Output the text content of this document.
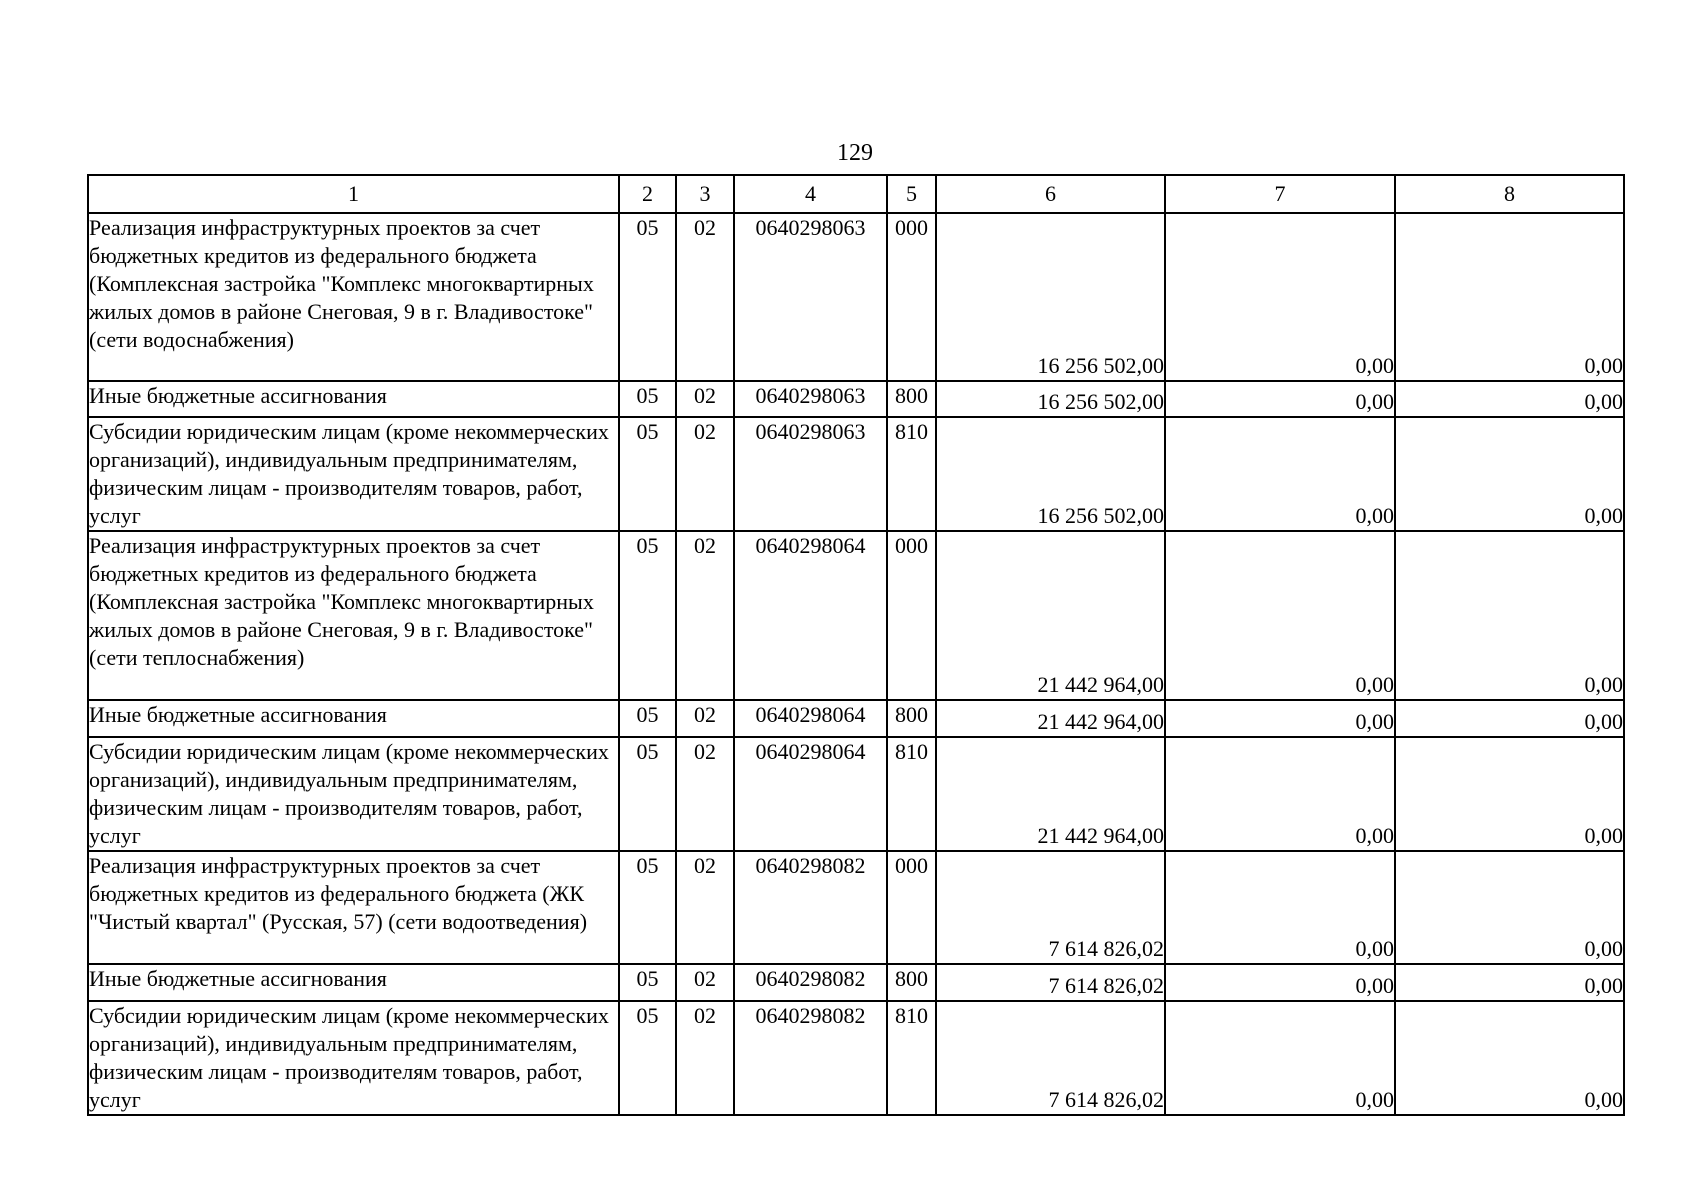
129
1	2	3	4	5	6	7	8
Реализация инфраструктурных проектов за счет бюджетных кредитов из федерального бюджета (Комплексная застройка "Комплекс многоквартирных жилых домов в районе Снеговая, 9 в г. Владивостоке" (сети водоснабжения)	05	02	0640298063	000	16 256 502,00	0,00	0,00
Иные бюджетные ассигнования	05	02	0640298063	800	16 256 502,00	0,00	0,00
Субсидии юридическим лицам (кроме некоммерческих организаций), индивидуальным предпринимателям, физическим лицам - производителям товаров, работ, услуг	05	02	0640298063	810	16 256 502,00	0,00	0,00
Реализация инфраструктурных проектов за счет бюджетных кредитов из федерального бюджета (Комплексная застройка "Комплекс многоквартирных жилых домов в районе Снеговая, 9 в г. Владивостоке" (сети теплоснабжения)	05	02	0640298064	000	21 442 964,00	0,00	0,00
Иные бюджетные ассигнования	05	02	0640298064	800	21 442 964,00	0,00	0,00
Субсидии юридическим лицам (кроме некоммерческих организаций), индивидуальным предпринимателям, физическим лицам - производителям товаров, работ, услуг	05	02	0640298064	810	21 442 964,00	0,00	0,00
Реализация инфраструктурных проектов за счет бюджетных кредитов из федерального бюджета (ЖК "Чистый квартал" (Русская, 57) (сети водоотведения)	05	02	0640298082	000	7 614 826,02	0,00	0,00
Иные бюджетные ассигнования	05	02	0640298082	800	7 614 826,02	0,00	0,00
Субсидии юридическим лицам (кроме некоммерческих организаций), индивидуальным предпринимателям, физическим лицам - производителям товаров, работ, услуг	05	02	0640298082	810	7 614 826,02	0,00	0,00
